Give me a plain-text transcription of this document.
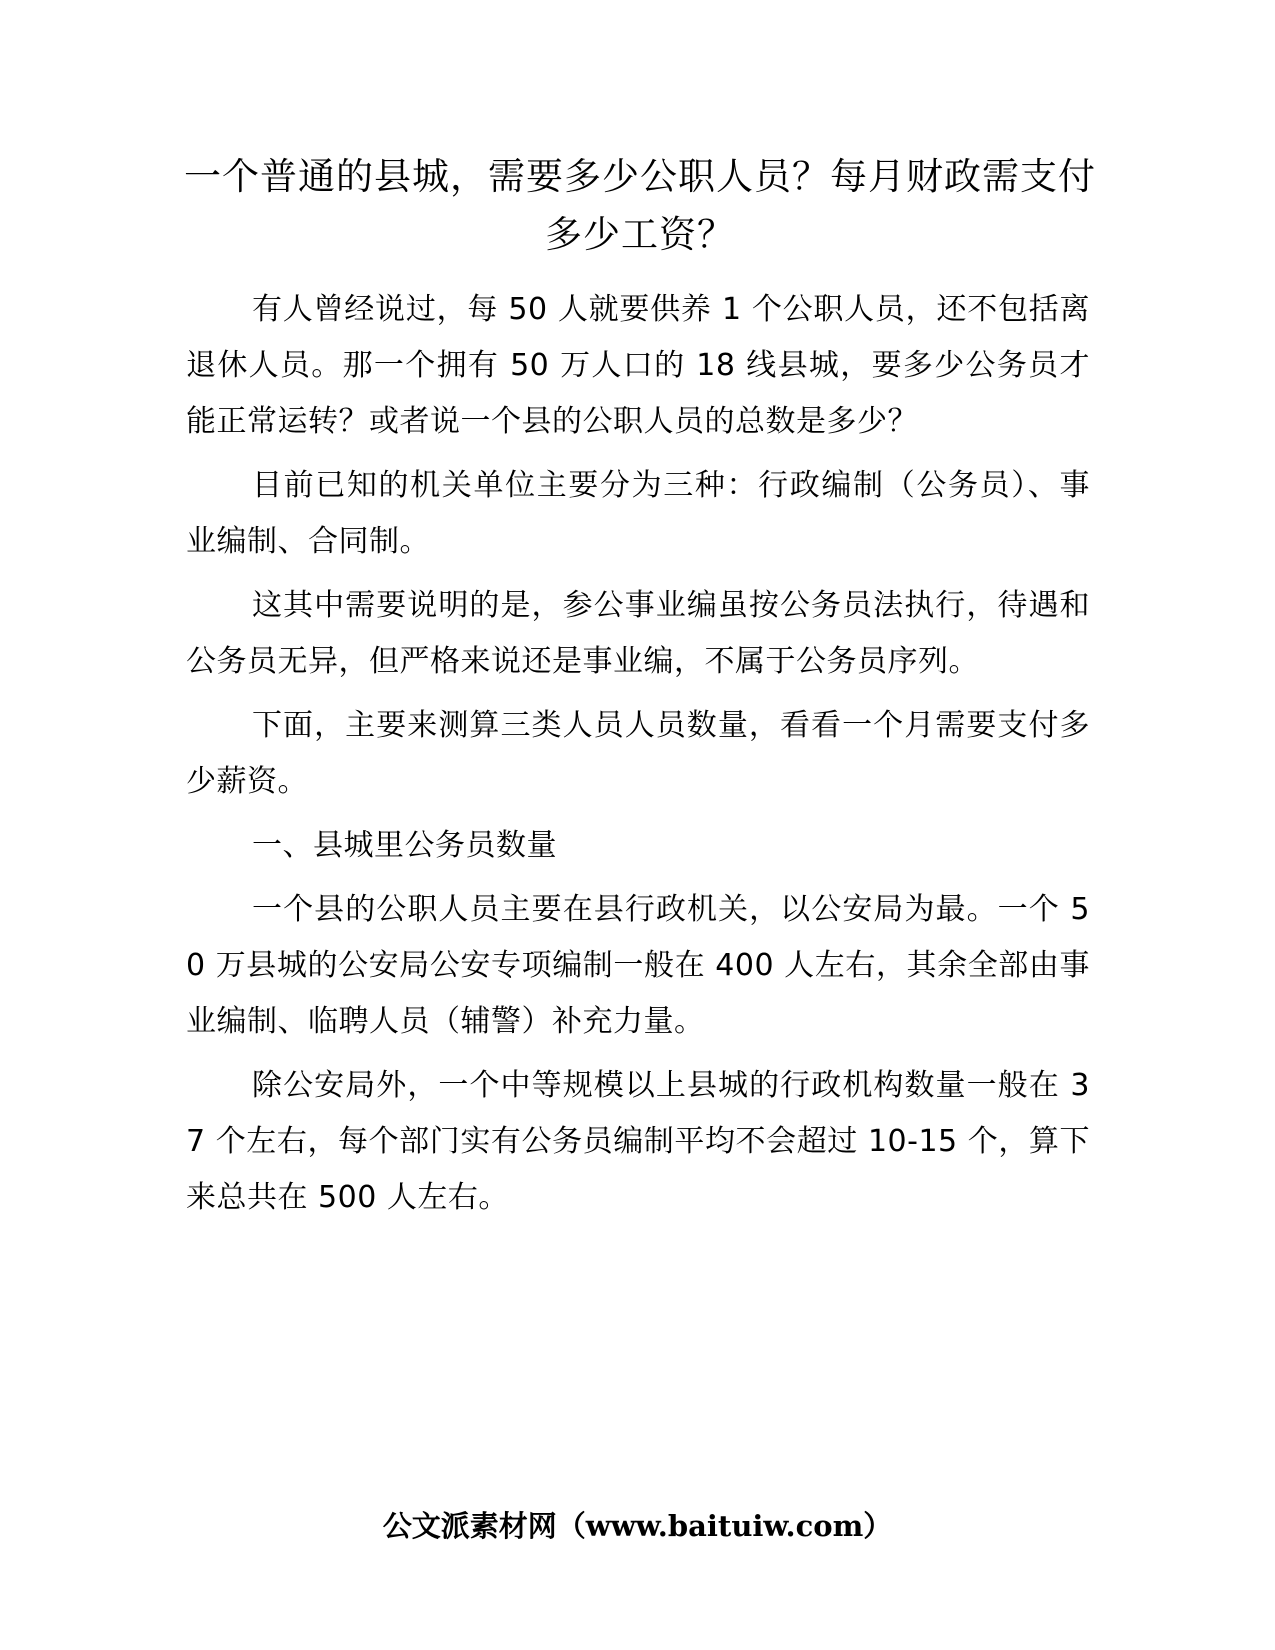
一个普通的县城，需要多少公职人员？每月财政需支付多少工资？

有人曾经说过，每 50 人就要供养 1 个公职人员，还不包括离退休人员。那一个拥有 50 万人口的 18 线县城，要多少公务员才能正常运转？或者说一个县的公职人员的总数是多少？

目前已知的机关单位主要分为三种：行政编制（公务员）、事业编制、合同制。

这其中需要说明的是，参公事业编虽按公务员法执行，待遇和公务员无异，但严格来说还是事业编，不属于公务员序列。

下面，主要来测算三类人员人员数量，看看一个月需要支付多少薪资。

一、县城里公务员数量

一个县的公职人员主要在县行政机关，以公安局为最。一个 50 万县城的公安局公安专项编制一般在 400 人左右，其余全部由事业编制、临聘人员（辅警）补充力量。

除公安局外，一个中等规模以上县城的行政机构数量一般在 37 个左右，每个部门实有公务员编制平均不会超过 10-15 个，算下来总共在 500 人左右。

公文派素材网（www.baituiw.com）
